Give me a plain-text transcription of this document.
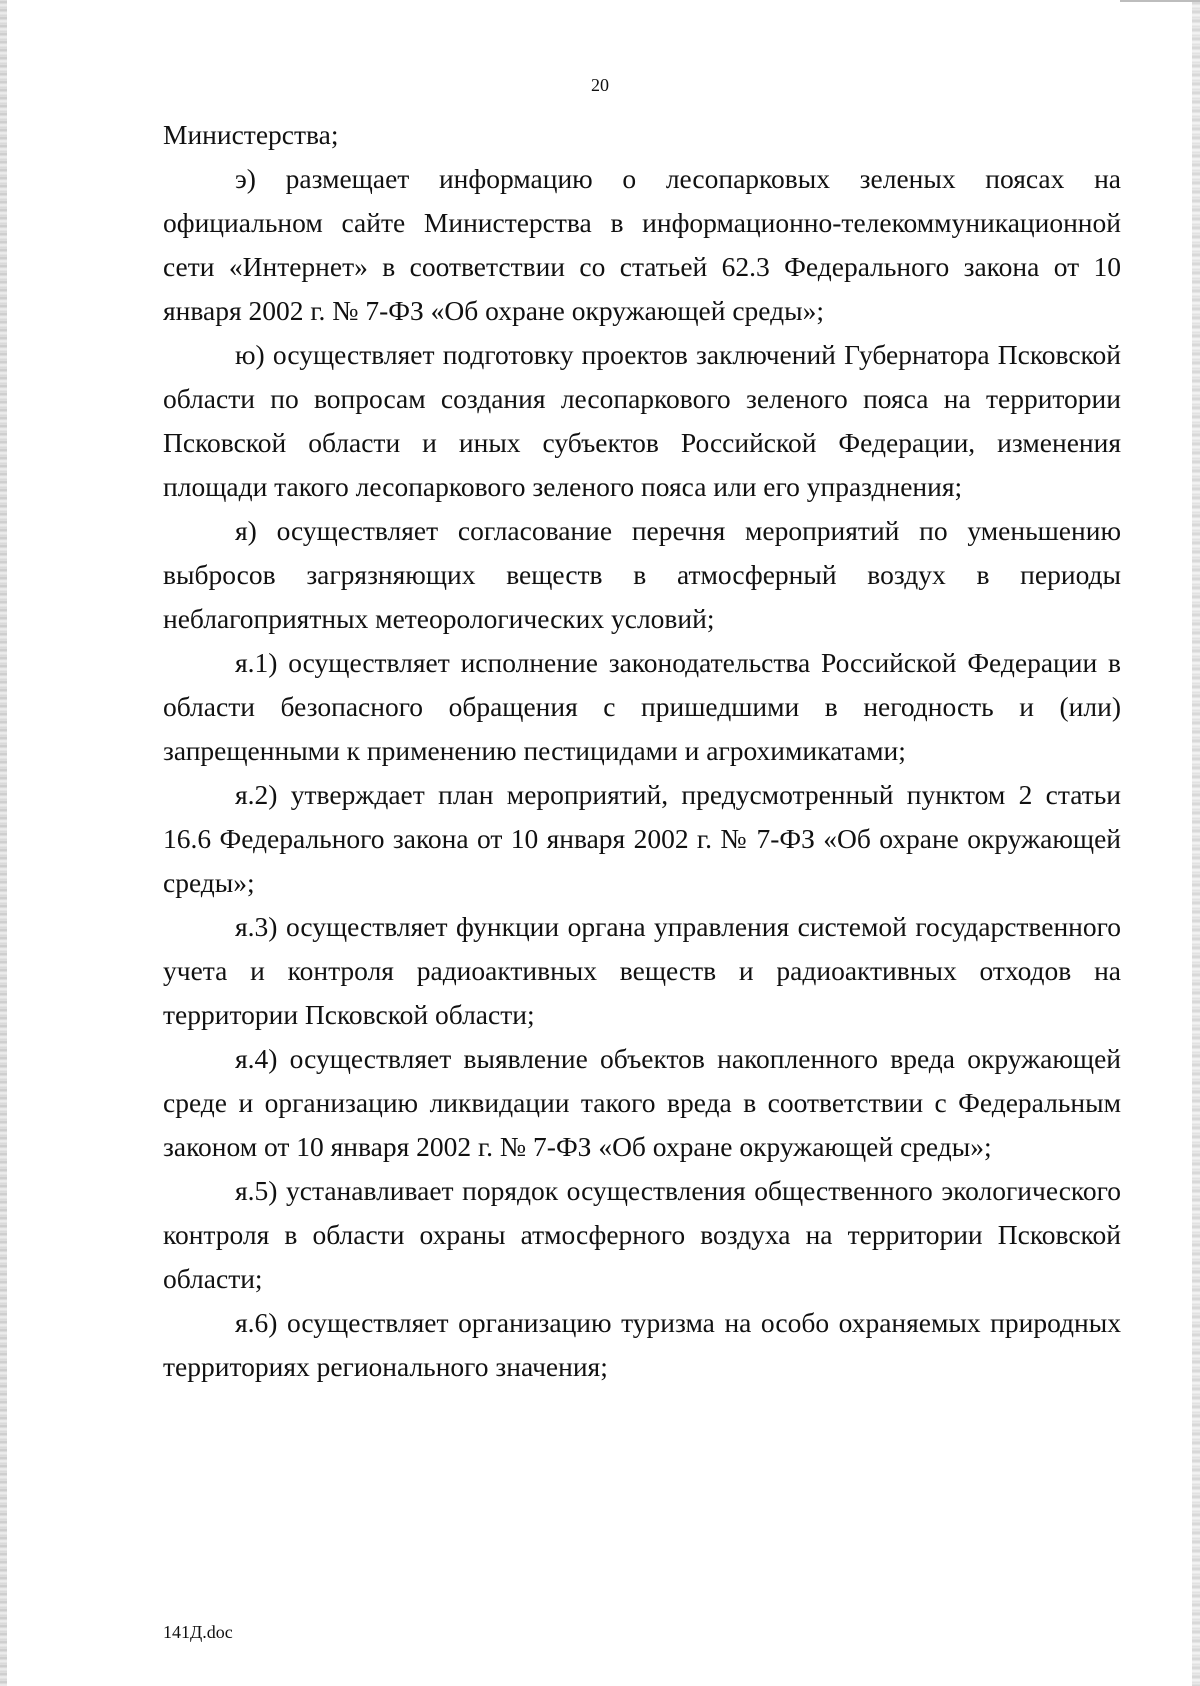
20

Министерства;

э) размещает информацию о лесопарковых зеленых поясах на официальном сайте Министерства в информационно-телекоммуникационной сети «Интернет» в соответствии со статьей 62.3 Федерального закона от 10 января 2002 г. № 7-ФЗ «Об охране окружающей среды»;

ю) осуществляет подготовку проектов заключений Губернатора Псковской области по вопросам создания лесопаркового зеленого пояса на территории Псковской области и иных субъектов Российской Федерации, изменения площади такого лесопаркового зеленого пояса или его упразднения;

я) осуществляет согласование перечня мероприятий по уменьшению выбросов загрязняющих веществ в атмосферный воздух в периоды неблагоприятных метеорологических условий;

я.1) осуществляет исполнение законодательства Российской Федерации в области безопасного обращения с пришедшими в негодность и (или) запрещенными к применению пестицидами и агрохимикатами;

я.2) утверждает план мероприятий, предусмотренный пунктом 2 статьи 16.6 Федерального закона от 10 января 2002 г. № 7-ФЗ «Об охране окружающей среды»;

я.3) осуществляет функции органа управления системой государственного учета и контроля радиоактивных веществ и радиоактивных отходов на территории Псковской области;

я.4) осуществляет выявление объектов накопленного вреда окружающей среде и организацию ликвидации такого вреда в соответствии с Федеральным законом от 10 января 2002 г. № 7-ФЗ «Об охране окружающей среды»;

я.5) устанавливает порядок осуществления общественного экологического контроля в области охраны атмосферного воздуха на территории Псковской области;

я.6) осуществляет организацию туризма на особо охраняемых природных территориях регионального значения;

141Д.doc
